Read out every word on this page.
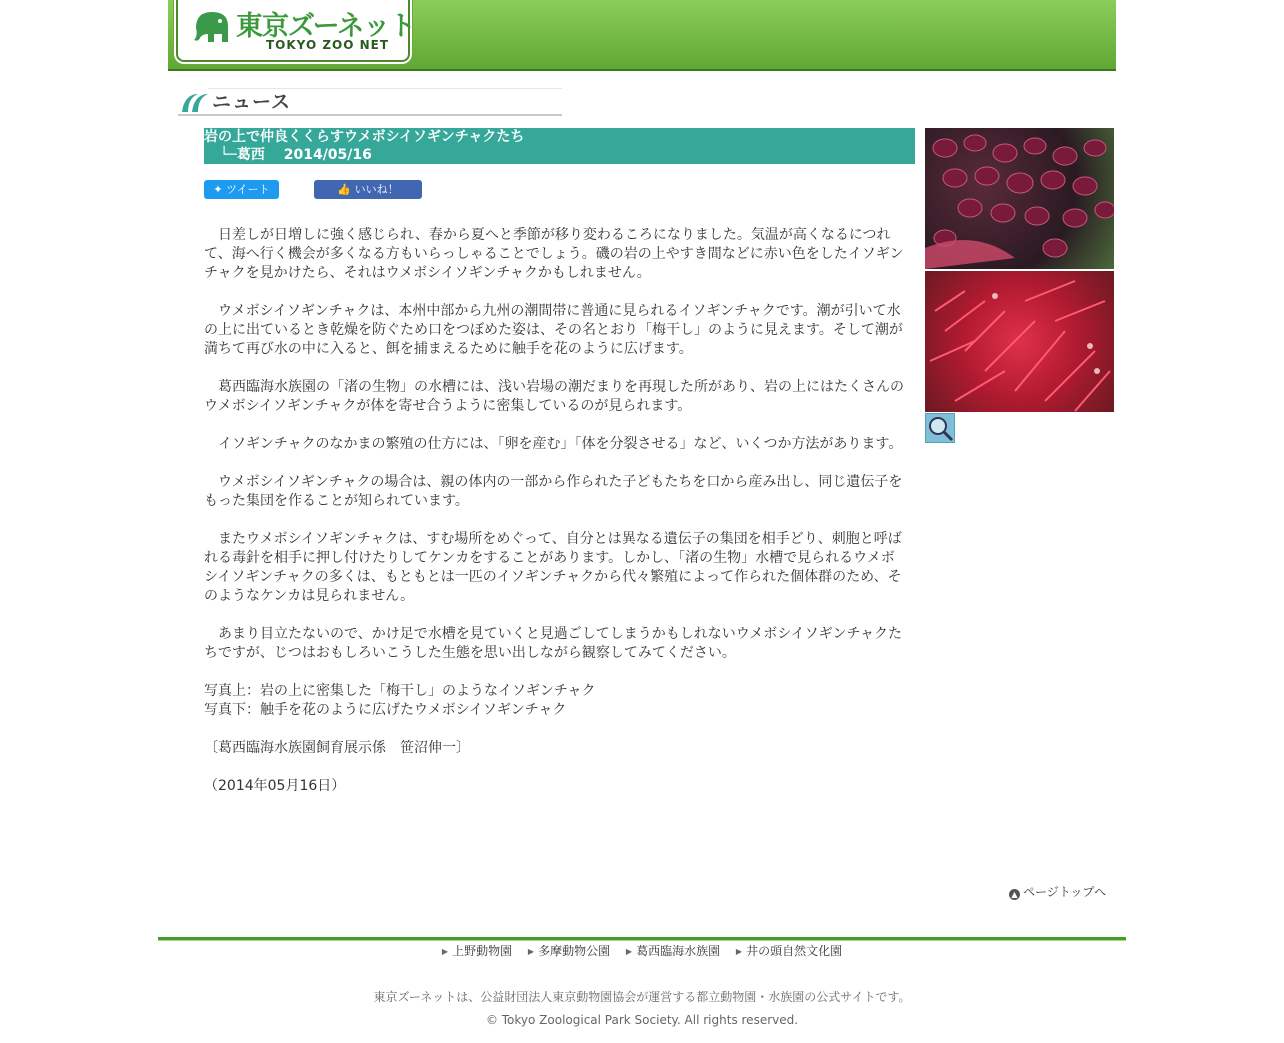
東京ズーネット
TOKYO ZOO NET
ニュース
岩の上で仲良くくらすウメボシイソギンチャクたち
└─葛西　 2014/05/16
✦ ツイート	👍 いいね！

日差しが日増しに強く感じられ、春から夏へと季節が移り変わるころになりました。気温が高くなるにつれて、海へ行く機会が多くなる方もいらっしゃることでしょう。磯の岩の上やすき間などに赤い色をしたイソギンチャクを見かけたら、それはウメボシイソギンチャクかもしれません。

ウメボシイソギンチャクは、本州中部から九州の潮間帯に普通に見られるイソギンチャクです。潮が引いて水の上に出ているとき乾燥を防ぐため口をつぼめた姿は、その名とおり「梅干し」のように見えます。そして潮が満ちて再び水の中に入ると、餌を捕まえるために触手を花のように広げます。

葛西臨海水族園の「渚の生物」の水槽には、浅い岩場の潮だまりを再現した所があり、岩の上にはたくさんのウメボシイソギンチャクが体を寄せ合うように密集しているのが見られます。

イソギンチャクのなかまの繁殖の仕方には、「卵を産む」「体を分裂させる」など、いくつか方法があります。

ウメボシイソギンチャクの場合は、親の体内の一部から作られた子どもたちを口から産み出し、同じ遺伝子をもった集団を作ることが知られています。

またウメボシイソギンチャクは、すむ場所をめぐって、自分とは異なる遺伝子の集団を相手どり、刺胞と呼ばれる毒針を相手に押し付けたりしてケンカをすることがあります。しかし、「渚の生物」水槽で見られるウメボシイソギンチャクの多くは、もともとは一匹のイソギンチャクから代々繁殖によって作られた個体群のため、そのようなケンカは見られません。

あまり目立たないので、かけ足で水槽を見ていくと見過ごしてしまうかもしれないウメボシイソギンチャクたちですが、じつはおもしろいこうした生態を思い出しながら観察してみてください。

写真上：岩の上に密集した「梅干し」のようなイソギンチャク

写真下：触手を花のように広げたウメボシイソギンチャク

〔葛西臨海水族園飼育展示係　笹沼伸一〕

（2014年05月16日）

▲ ページトップへ
▶ 上野動物園 ▶ 多摩動物公園 ▶ 葛西臨海水族園 ▶ 井の頭自然文化園
東京ズーネットは、公益財団法人東京動物園協会が運営する都立動物園・水族園の公式サイトです。
© Tokyo Zoological Park Society. All rights reserved.
